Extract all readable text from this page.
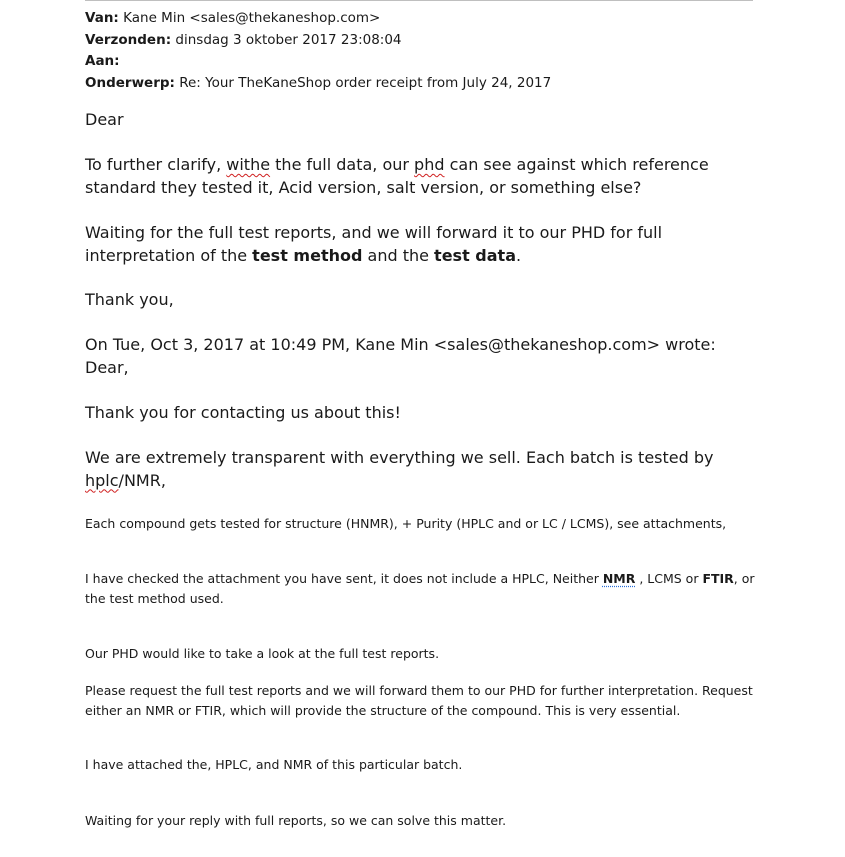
Van: Kane Min <sales@thekaneshop.com>
Verzonden: dinsdag 3 oktober 2017 23:08:04
Aan:
Onderwerp: Re: Your TheKaneShop order receipt from July 24, 2017
Dear
To further clarify, withe the full data, our phd can see against which reference standard they tested it, Acid version, salt version, or something else?
Waiting for the full test reports, and we will forward it to our PHD for full interpretation of the test method and the test data.
Thank you,
On Tue, Oct 3, 2017 at 10:49 PM, Kane Min <sales@thekaneshop.com> wrote:
Dear,
Thank you for contacting us about this!
We are extremely transparent with everything we sell. Each batch is tested by hplc/NMR,
Each compound gets tested for structure (HNMR), + Purity (HPLC and or LC / LCMS), see attachments,
I have checked the attachment you have sent, it does not include a HPLC, Neither NMR , LCMS or FTIR, or the test method used.
Our PHD would like to take a look at the full test reports.
Please request the full test reports and we will forward them to our PHD for further interpretation. Request either an NMR or FTIR, which will provide the structure of the compound. This is very essential.
I have attached the, HPLC, and NMR of this particular batch.
Waiting for your reply with full reports, so we can solve this matter.
